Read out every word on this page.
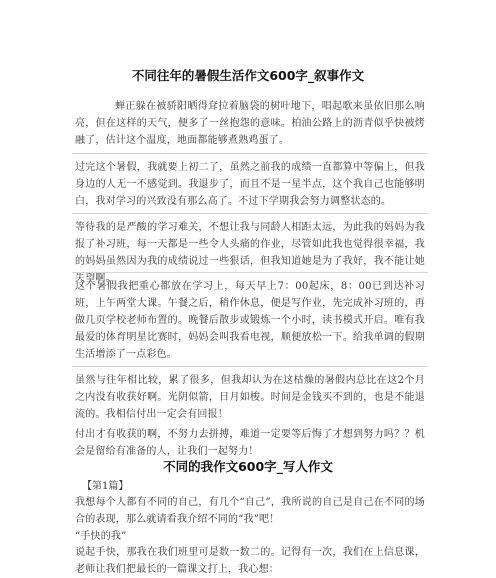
不同往年的暑假生活作文600字_叙事作文

蝉正躲在被骄阳晒得耷拉着脑袋的树叶地下，唱起歌来虽依旧那么响亮，但在这样的天气，便多了一丝抱怨的意味。柏油公路上的沥青似乎快被烤融了，估计这个温度，地面都能够煮熟鸡蛋了。

过完这个暑假，我就要上初二了，虽然之前我的成绩一直都算中等偏上，但我身边的人无一不感觉到。我退步了，而且不是一星半点，这个我自己也能够明白，我对学习的兴致没有那么高了。不过下学期我会努力调整状态的。

等待我的是严酸的学习难关，不想让我与同龄人相距太远，为此我的妈妈为我报了补习班，每一天都是一些令人头痛的作业，尽管如此我也觉得很幸福，我的妈妈虽然因为我的成绩说过一些狠话，但我知道她是为了我好，我不能让她失望啊。

这个暑假我把重心都放在学习上，每天早上7：00起床，8：00已到达补习班，上午两堂大课。午餐之后，稍作休息，便是写作业，先完成补习班的，再做几页学校老师布置的。晚餐后散步或锻炼一个小时，读书模式开启。唯有我最爱的体育明星比赛时，妈妈会叫我看电视，顺便放松一下。给我单调的假期生活增添了一点彩色。

虽然与往年相比较，累了很多，但我却认为在这枯燥的暑假内总比在这2个月之内没有收获好啊。光阴似箭，日月如梭。时间是金钱买不到的，也是不能退流的。我相信付出一定会有回报！

付出才有收获的啊，不努力去拼搏，难道一定要等后悔了才想到努力吗？？机会是留给有准备的人，让我们一起努力！

不同的我作文600字_写人作文

【第1篇】

我想每个人都有不同的自己，有几个“自己”，我所说的自己是自己在不同的场合的表现，那么就请看我介绍不同的“我”吧！

“手快的我”

说起手快，那我在我们班里可是数一数二的。记得有一次，我们在上信息课，老师让我们把最长的一篇课文打上，我心想：
